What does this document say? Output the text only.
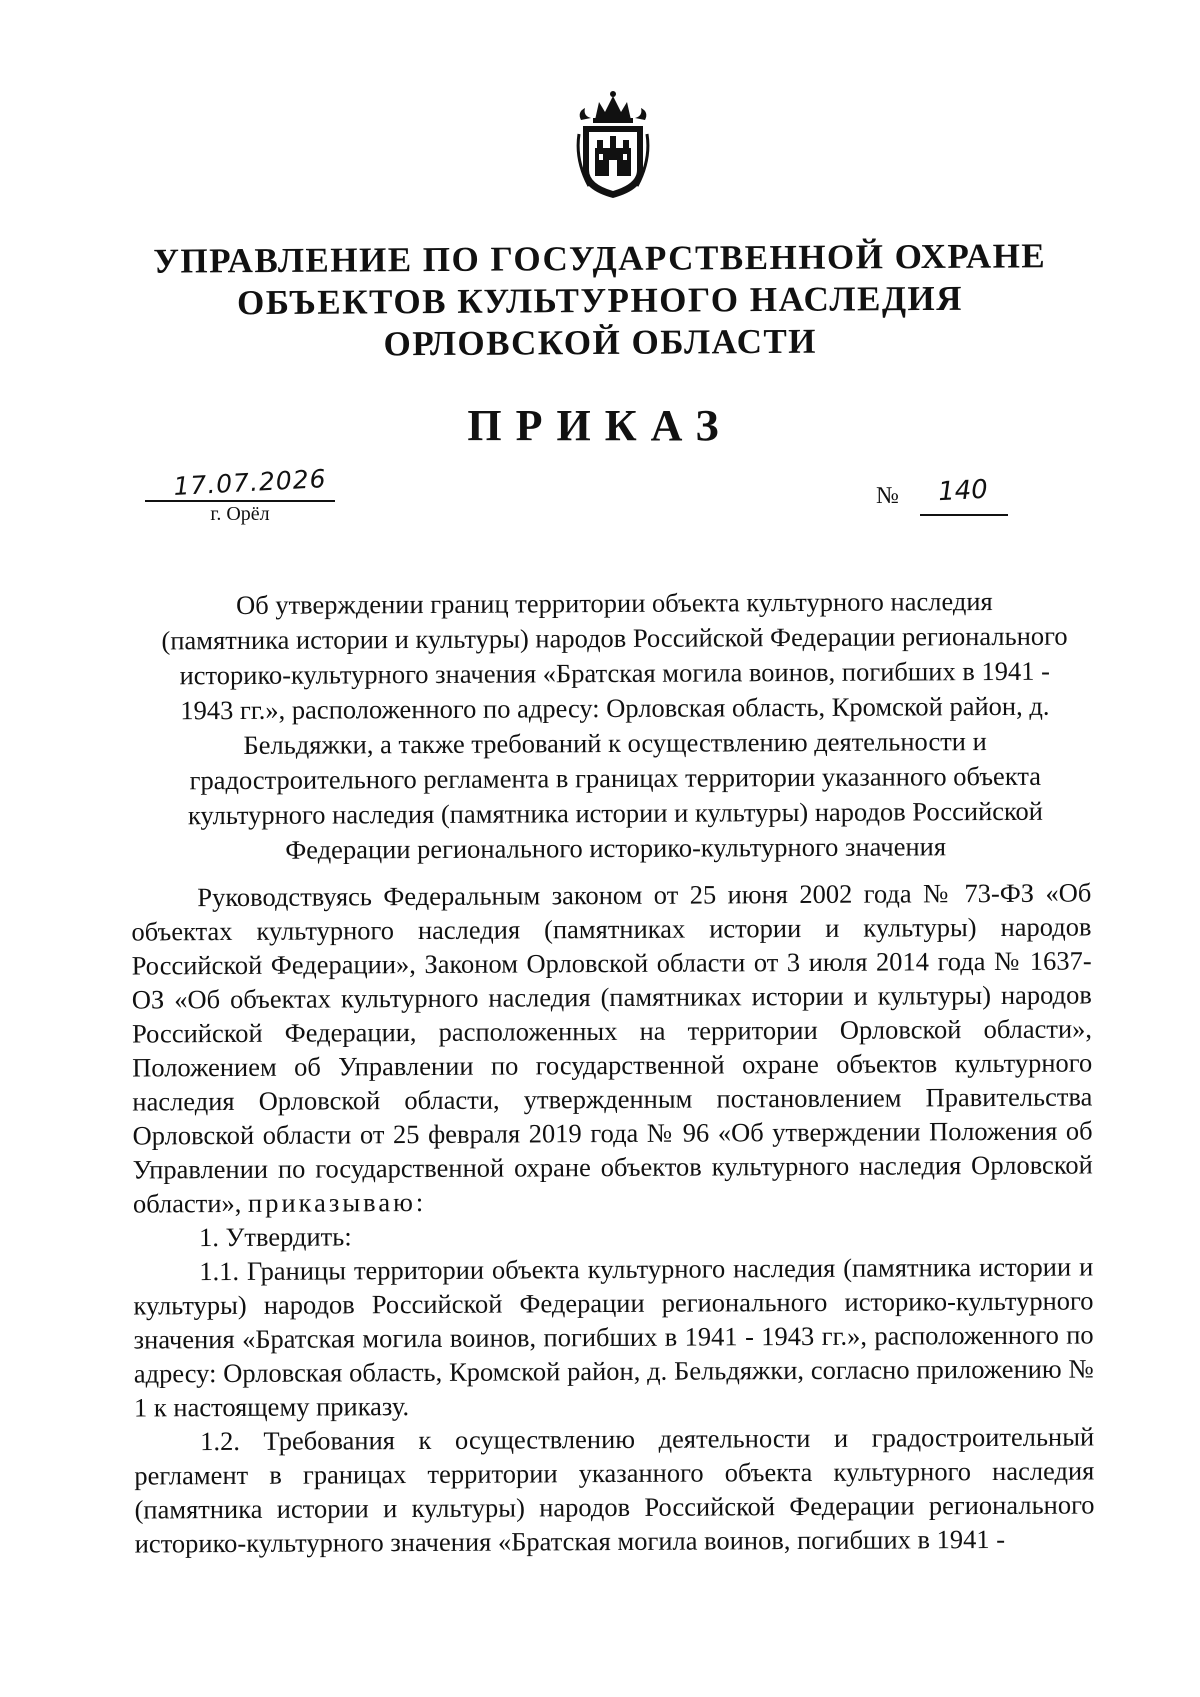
УПРАВЛЕНИЕ ПО ГОСУДАРСТВЕННОЙ ОХРАНЕ
ОБЪЕКТОВ КУЛЬТУРНОГО НАСЛЕДИЯ
ОРЛОВСКОЙ ОБЛАСТИ
ПРИКАЗ
17.07.2026
г. Орёл
№	140
Об утверждении границ территории объекта культурного наследия
(памятника истории и культуры) народов Российской Федерации регионального
историко-культурного значения «Братская могила воинов, погибших в 1941 -
1943 гг.», расположенного по адресу: Орловская область, Кромской район, д.
Бельдяжки, а также требований к осуществлению деятельности и
градостроительного регламента в границах территории указанного объекта
культурного наследия (памятника истории и культуры) народов Российской
Федерации регионального историко-культурного значения

Руководствуясь Федеральным законом от 25 июня 2002 года № 73-ФЗ «Об объектах культурного наследия (памятниках истории и культуры) народов Российской Федерации», Законом Орловской области от 3 июля 2014 года № 1637-ОЗ «Об объектах культурного наследия (памятниках истории и культуры) народов Российской Федерации, расположенных на территории Орловской области», Положением об Управлении по государственной охране объектов культурного наследия Орловской области, утвержденным постановлением Правительства Орловской области от 25 февраля 2019 года № 96 «Об утверждении Положения об Управлении по государственной охране объектов культурного наследия Орловской области», приказываю:

1. Утвердить:

1.1. Границы территории объекта культурного наследия (памятника истории и культуры) народов Российской Федерации регионального историко-культурного значения «Братская могила воинов, погибших в 1941 - 1943 гг.», расположенного по адресу: Орловская область, Кромской район, д. Бельдяжки, согласно приложению № 1 к настоящему приказу.

1.2. Требования к осуществлению деятельности и градостроительный регламент в границах территории указанного объекта культурного наследия (памятника истории и культуры) народов Российской Федерации регионального историко-культурного значения «Братская могила воинов, погибших в 1941 -
